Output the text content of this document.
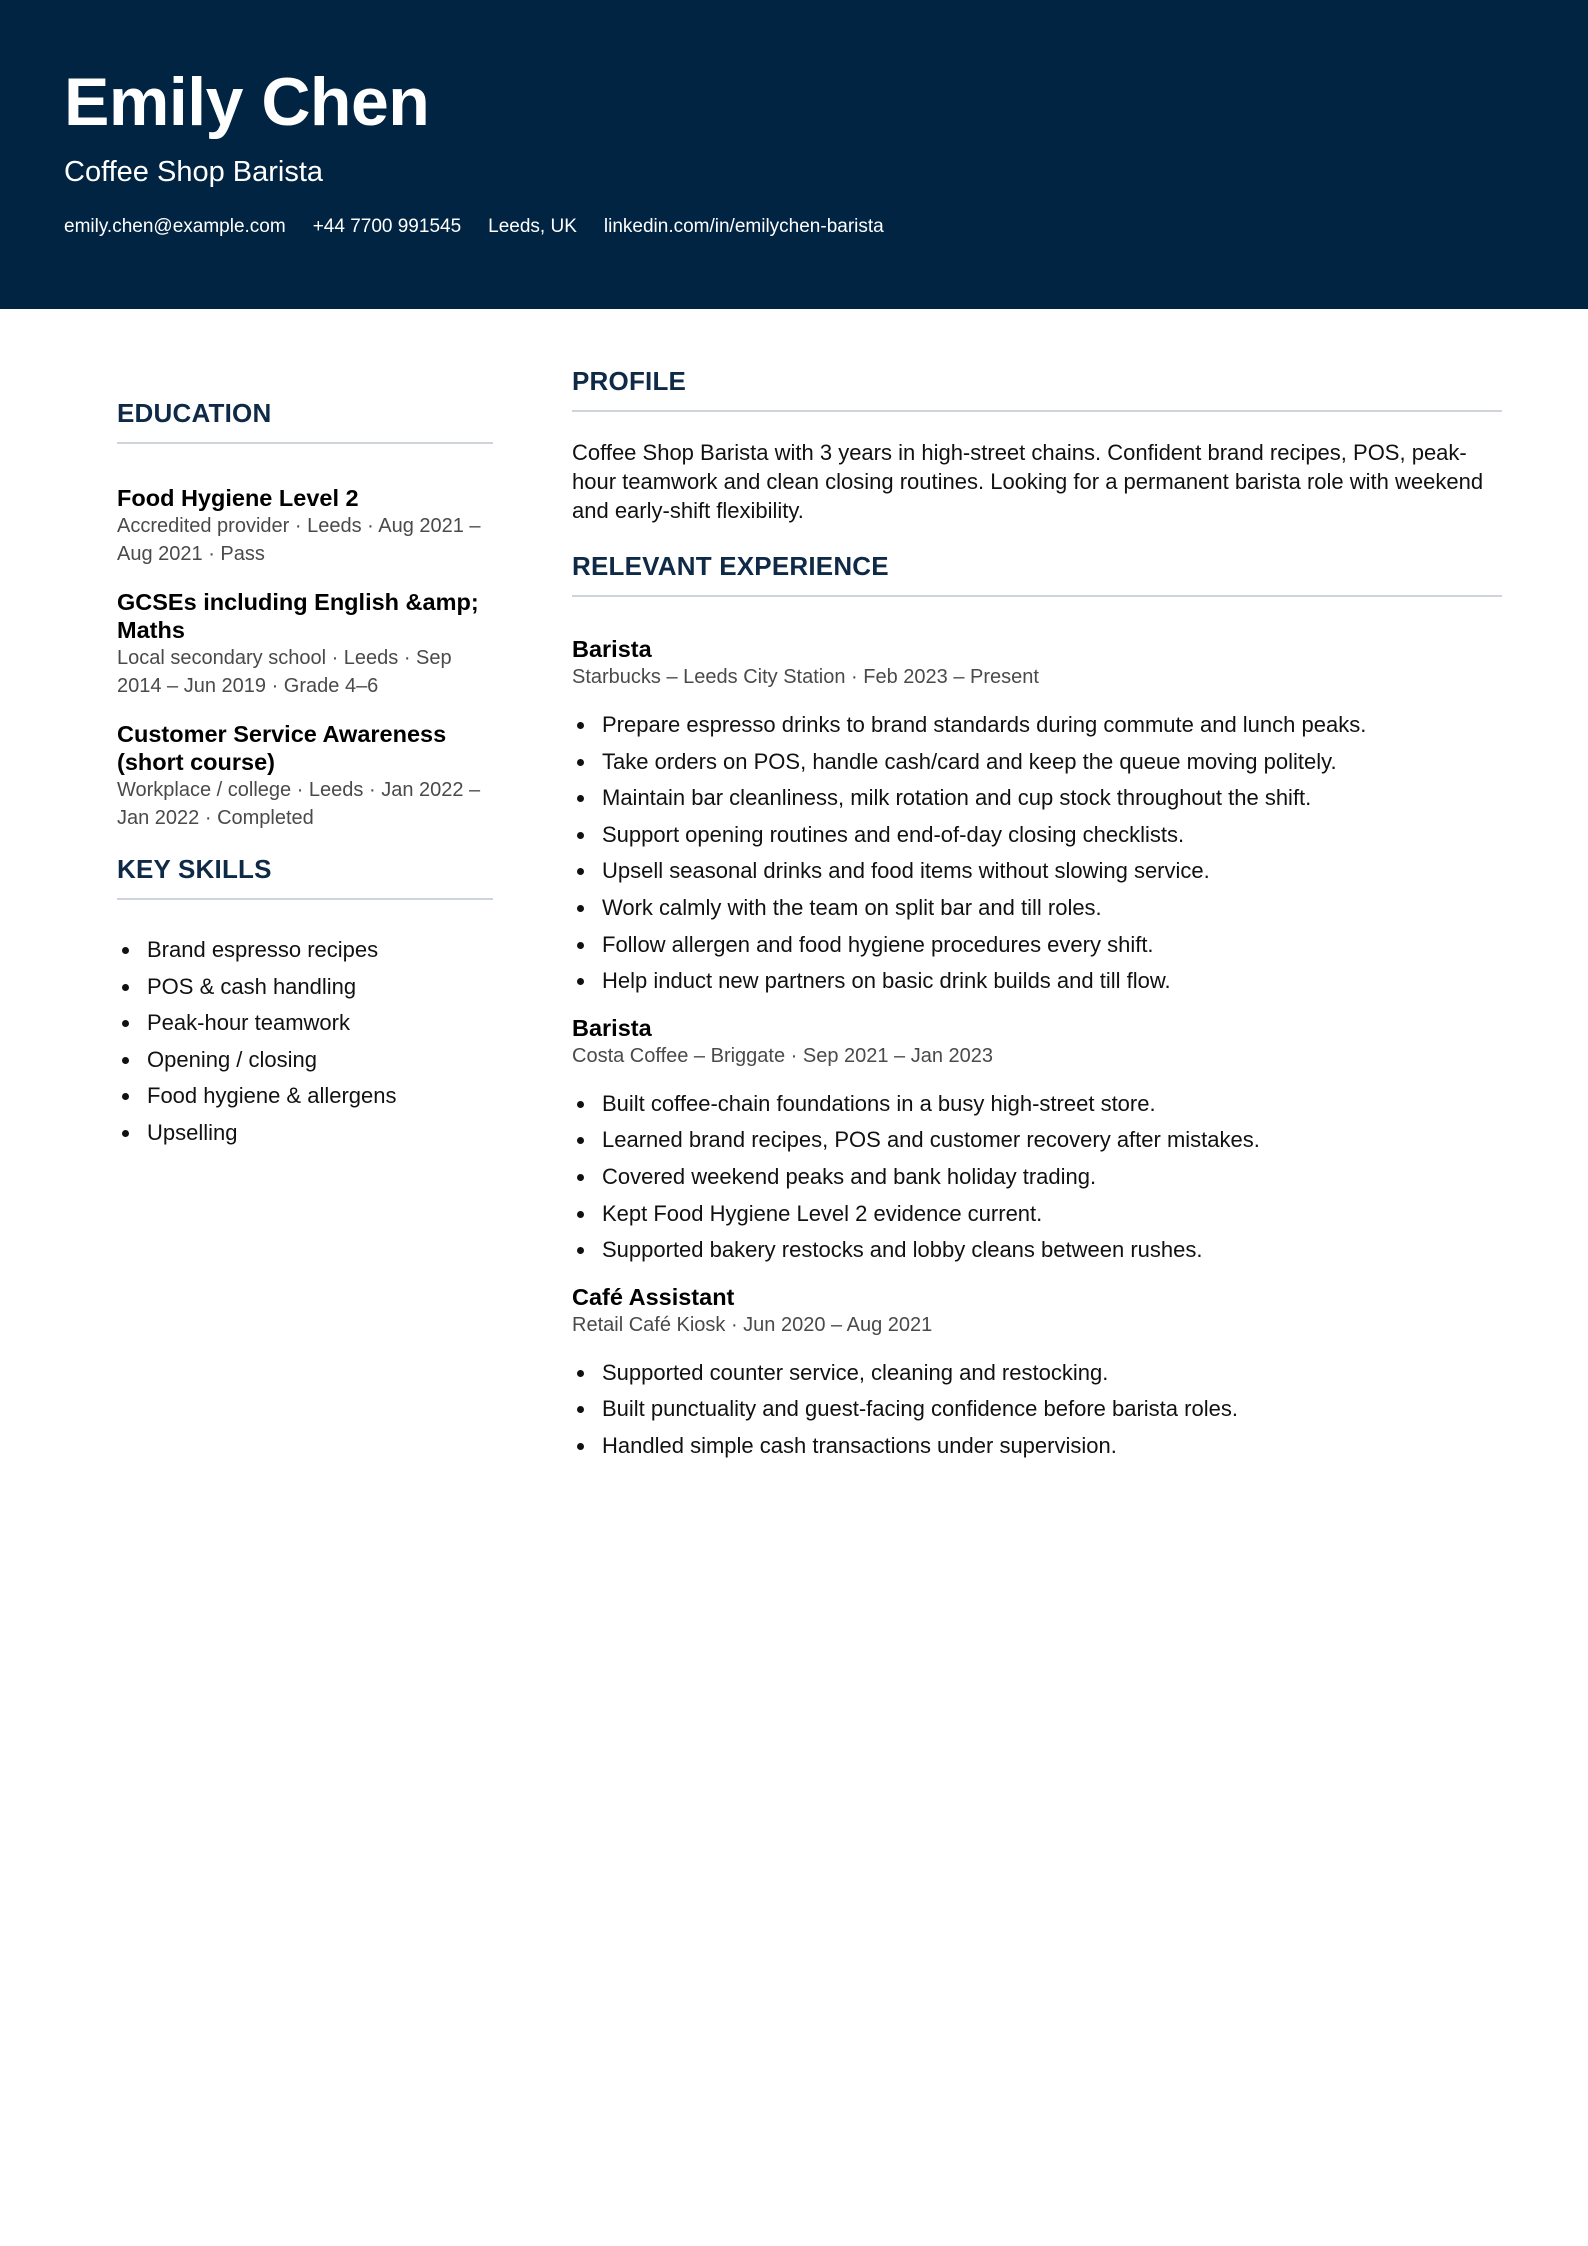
Emily Chen
Coffee Shop Barista
emily.chen@example.com +44 7700 991545 Leeds, UK linkedin.com/in/emilychen-barista
EDUCATION
Food Hygiene Level 2
Accredited provider · Leeds · Aug 2021 – Aug 2021 · Pass
GCSEs including English &amp; Maths
Local secondary school · Leeds · Sep 2014 – Jun 2019 · Grade 4–6
Customer Service Awareness (short course)
Workplace / college · Leeds · Jan 2022 – Jan 2022 · Completed
KEY SKILLS
Brand espresso recipes
POS & cash handling
Peak-hour teamwork
Opening / closing
Food hygiene & allergens
Upselling
PROFILE

Coffee Shop Barista with 3 years in high-street chains. Confident brand recipes, POS, peak-hour teamwork and clean closing routines. Looking for a permanent barista role with weekend and early-shift flexibility.

RELEVANT EXPERIENCE
Barista
Starbucks – Leeds City Station · Feb 2023 – Present
Prepare espresso drinks to brand standards during commute and lunch peaks.
Take orders on POS, handle cash/card and keep the queue moving politely.
Maintain bar cleanliness, milk rotation and cup stock throughout the shift.
Support opening routines and end-of-day closing checklists.
Upsell seasonal drinks and food items without slowing service.
Work calmly with the team on split bar and till roles.
Follow allergen and food hygiene procedures every shift.
Help induct new partners on basic drink builds and till flow.
Barista
Costa Coffee – Briggate · Sep 2021 – Jan 2023
Built coffee-chain foundations in a busy high-street store.
Learned brand recipes, POS and customer recovery after mistakes.
Covered weekend peaks and bank holiday trading.
Kept Food Hygiene Level 2 evidence current.
Supported bakery restocks and lobby cleans between rushes.
Café Assistant
Retail Café Kiosk · Jun 2020 – Aug 2021
Supported counter service, cleaning and restocking.
Built punctuality and guest-facing confidence before barista roles.
Handled simple cash transactions under supervision.
